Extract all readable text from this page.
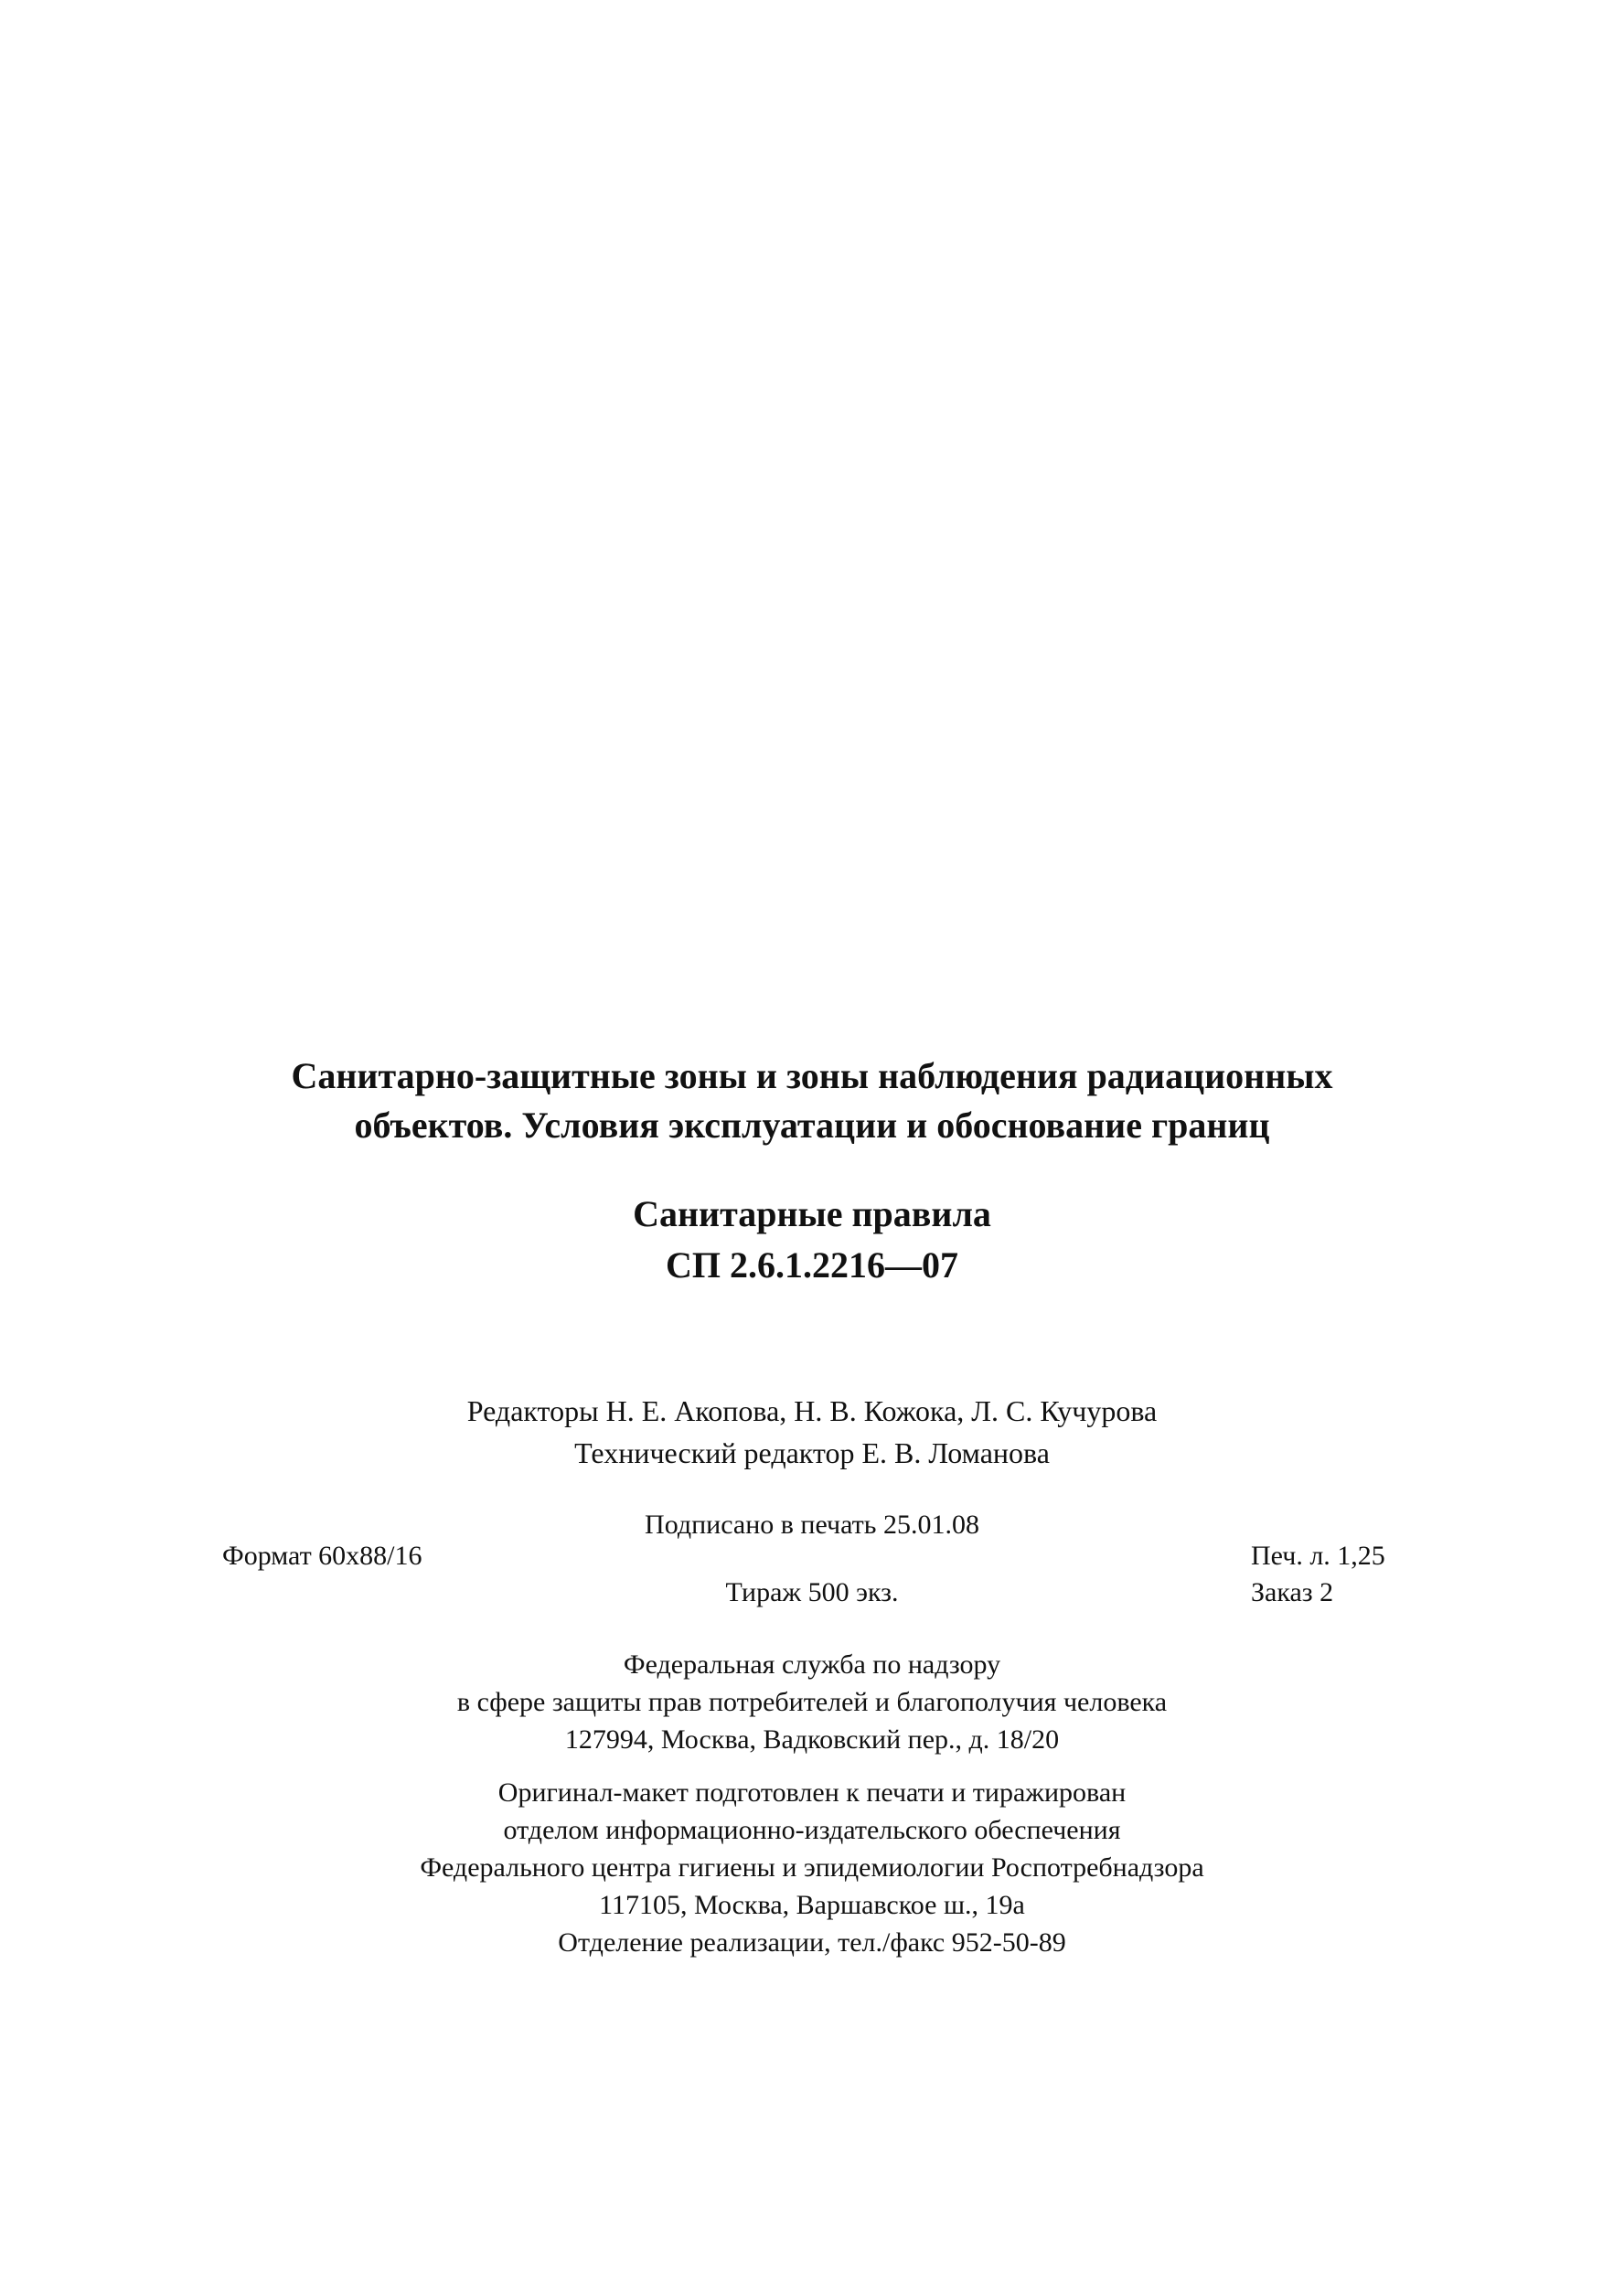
Санитарно-защитные зоны и зоны наблюдения радиационных
объектов. Условия эксплуатации и обоснование границ
Санитарные правила
СП 2.6.1.2216—07
Редакторы Н. Е. Акопова, Н. В. Кожока, Л. С. Кучурова
Технический редактор Е. В. Ломанова
Подписано в печать 25.01.08
Формат 60x88/16	Печ. л. 1,25
Заказ 2
Тираж 500 экз.
Федеральная служба по надзору
в сфере защиты прав потребителей и благополучия человека
127994, Москва, Вадковский пер., д. 18/20
Оригинал-макет подготовлен к печати и тиражирован
отделом информационно-издательского обеспечения
Федерального центра гигиены и эпидемиологии Роспотребнадзора
117105, Москва, Варшавское ш., 19а
Отделение реализации, тел./факс 952-50-89
